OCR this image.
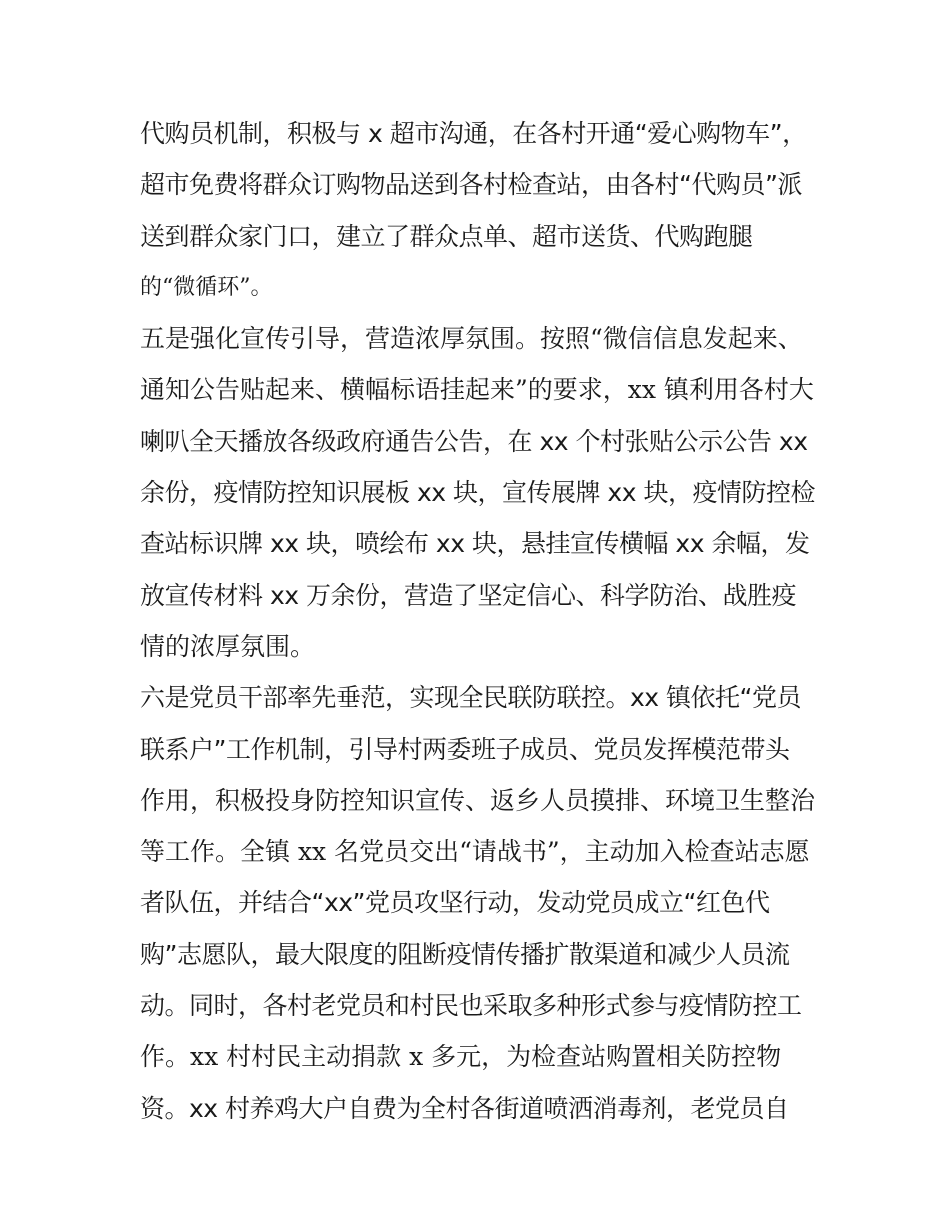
代购员机制，积极与 x 超市沟通，在各村开通“爱心购物车”，
超市免费将群众订购物品送到各村检查站，由各村“代购员”派
送到群众家门口，建立了群众点单、超市送货、代购跑腿
的“微循环”。
五是强化宣传引导，营造浓厚氛围。按照“微信信息发起来、
通知公告贴起来、横幅标语挂起来”的要求，xx 镇利用各村大
喇叭全天播放各级政府通告公告，在 xx 个村张贴公示公告 xx
余份，疫情防控知识展板 xx 块，宣传展牌 xx 块，疫情防控检
查站标识牌 xx 块，喷绘布 xx 块，悬挂宣传横幅 xx 余幅，发
放宣传材料 xx 万余份，营造了坚定信心、科学防治、战胜疫
情的浓厚氛围。
六是党员干部率先垂范，实现全民联防联控。xx 镇依托“党员
联系户”工作机制，引导村两委班子成员、党员发挥模范带头
作用，积极投身防控知识宣传、返乡人员摸排、环境卫生整治
等工作。全镇 xx 名党员交出“请战书”，主动加入检查站志愿
者队伍，并结合“xx”党员攻坚行动，发动党员成立“红色代
购”志愿队，最大限度的阻断疫情传播扩散渠道和减少人员流
动。同时，各村老党员和村民也采取多种形式参与疫情防控工
作。xx 村村民主动捐款 x 多元，为检查站购置相关防控物
资。xx 村养鸡大户自费为全村各街道喷洒消毒剂，老党员自
